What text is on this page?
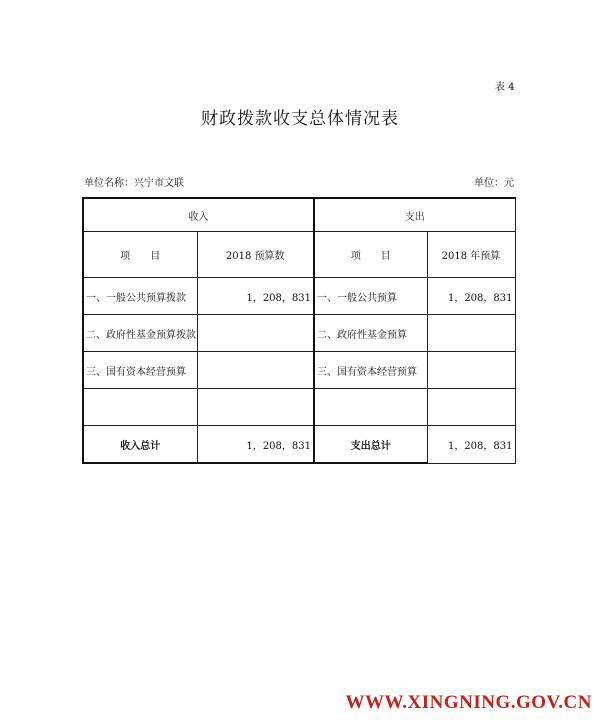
表 4
财政拨款收支总体情况表
单位名称：兴宁市文联	单位：元
收入		支出	
项　　目	2018 预算数	项　　目	2018 年预算
一、一般公共预算拨款	1，208，831	一、一般公共预算	1，208，831
二、政府性基金预算拨款		二、政府性基金预算	
三、国有资本经营预算		三、国有资本经营预算	

收入总计	1，208，831	支出总计	1，208，831
WWW.XINGNING.GOV.CN
